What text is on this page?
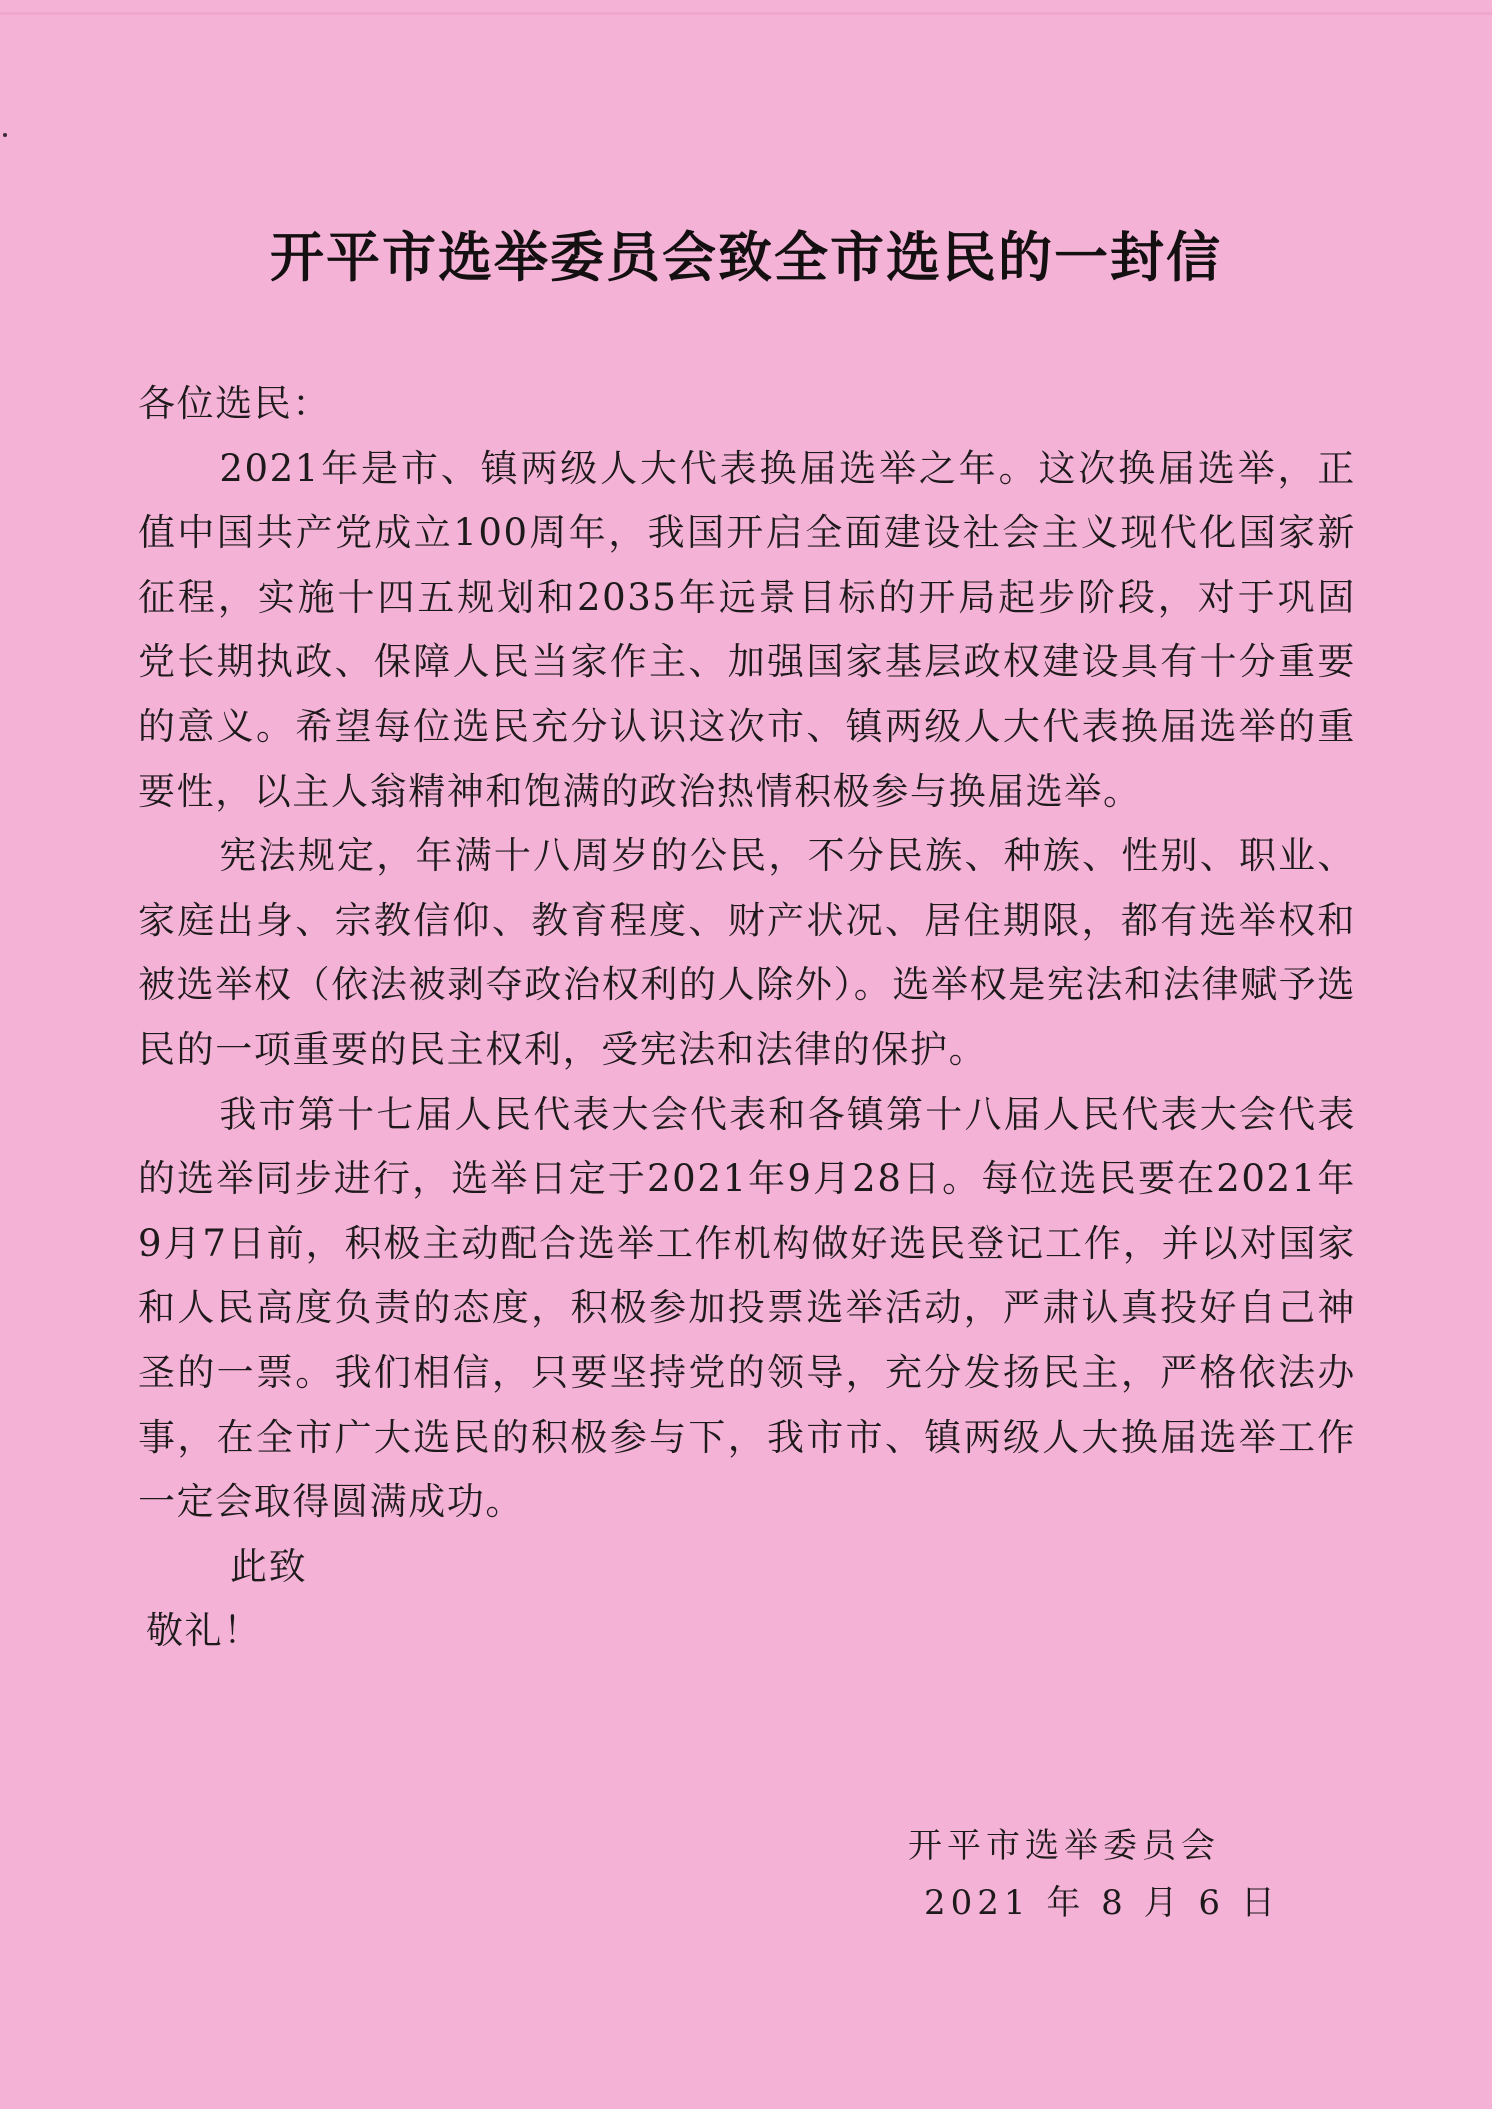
开平市选举委员会致全市选民的一封信

各位选民：

2021年是市、镇两级人大代表换届选举之年。这次换届选举，正值中国共产党成立100周年，我国开启全面建设社会主义现代化国家新征程，实施十四五规划和2035年远景目标的开局起步阶段，对于巩固党长期执政、保障人民当家作主、加强国家基层政权建设具有十分重要的意义。希望每位选民充分认识这次市、镇两级人大代表换届选举的重要性，以主人翁精神和饱满的政治热情积极参与换届选举。

宪法规定，年满十八周岁的公民，不分民族、种族、性别、职业、家庭出身、宗教信仰、教育程度、财产状况、居住期限，都有选举权和被选举权（依法被剥夺政治权利的人除外）。选举权是宪法和法律赋予选民的一项重要的民主权利，受宪法和法律的保护。

我市第十七届人民代表大会代表和各镇第十八届人民代表大会代表的选举同步进行，选举日定于2021年9月28日。每位选民要在2021年9月7日前，积极主动配合选举工作机构做好选民登记工作，并以对国家和人民高度负责的态度，积极参加投票选举活动，严肃认真投好自己神圣的一票。我们相信，只要坚持党的领导，充分发扬民主，严格依法办事，在全市广大选民的积极参与下，我市市、镇两级人大换届选举工作一定会取得圆满成功。

此致

敬礼！

开平市选举委员会
2021 年 8 月 6 日
